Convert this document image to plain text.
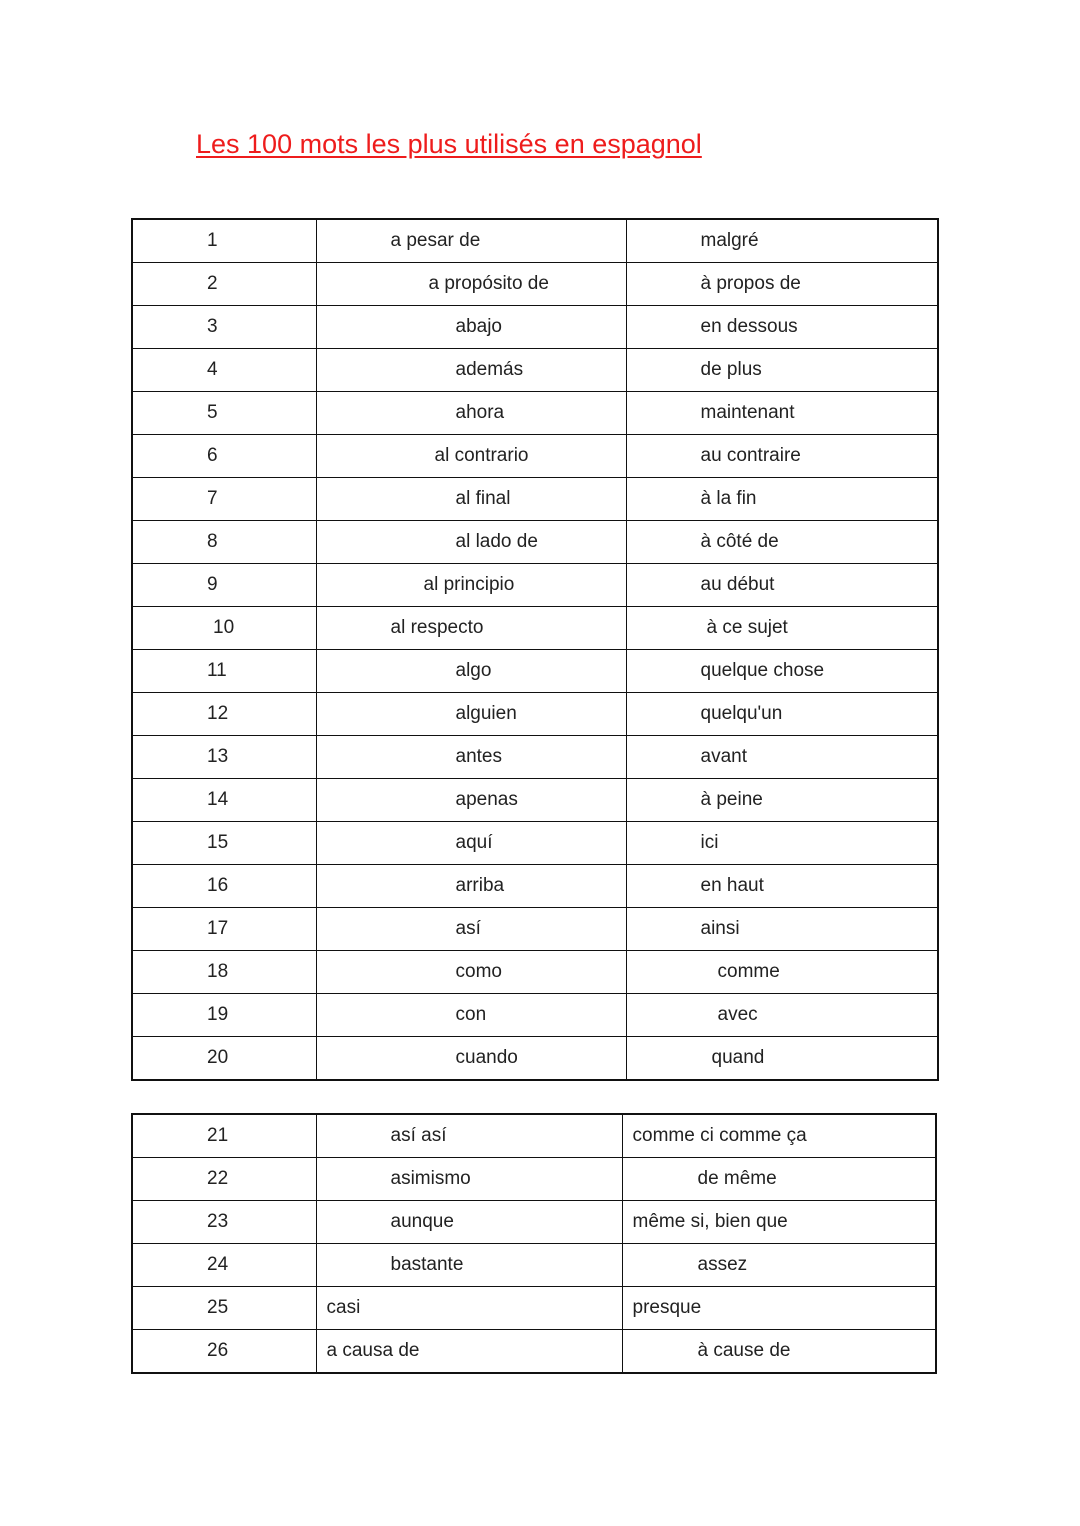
Les 100 mots les plus utilisés en espagnol
1	a pesar de	malgré
2	a propósito de	à propos de
3	abajo	en dessous
4	además	de plus
5	ahora	maintenant
6	al contrario	au contraire
7	al final	à la fin
8	al lado de	à côté de
9	al principio	au début
10	al respecto	à ce sujet
11	algo	quelque chose
12	alguien	quelqu'un
13	antes	avant
14	apenas	à peine
15	aquí	ici
16	arriba	en haut
17	así	ainsi
18	como	comme
19	con	avec
20	cuando	quand
21	así así	comme ci comme ça
22	asimismo	de même
23	aunque	même si, bien que
24	bastante	assez
25	casi	presque
26	a causa de	à cause de
